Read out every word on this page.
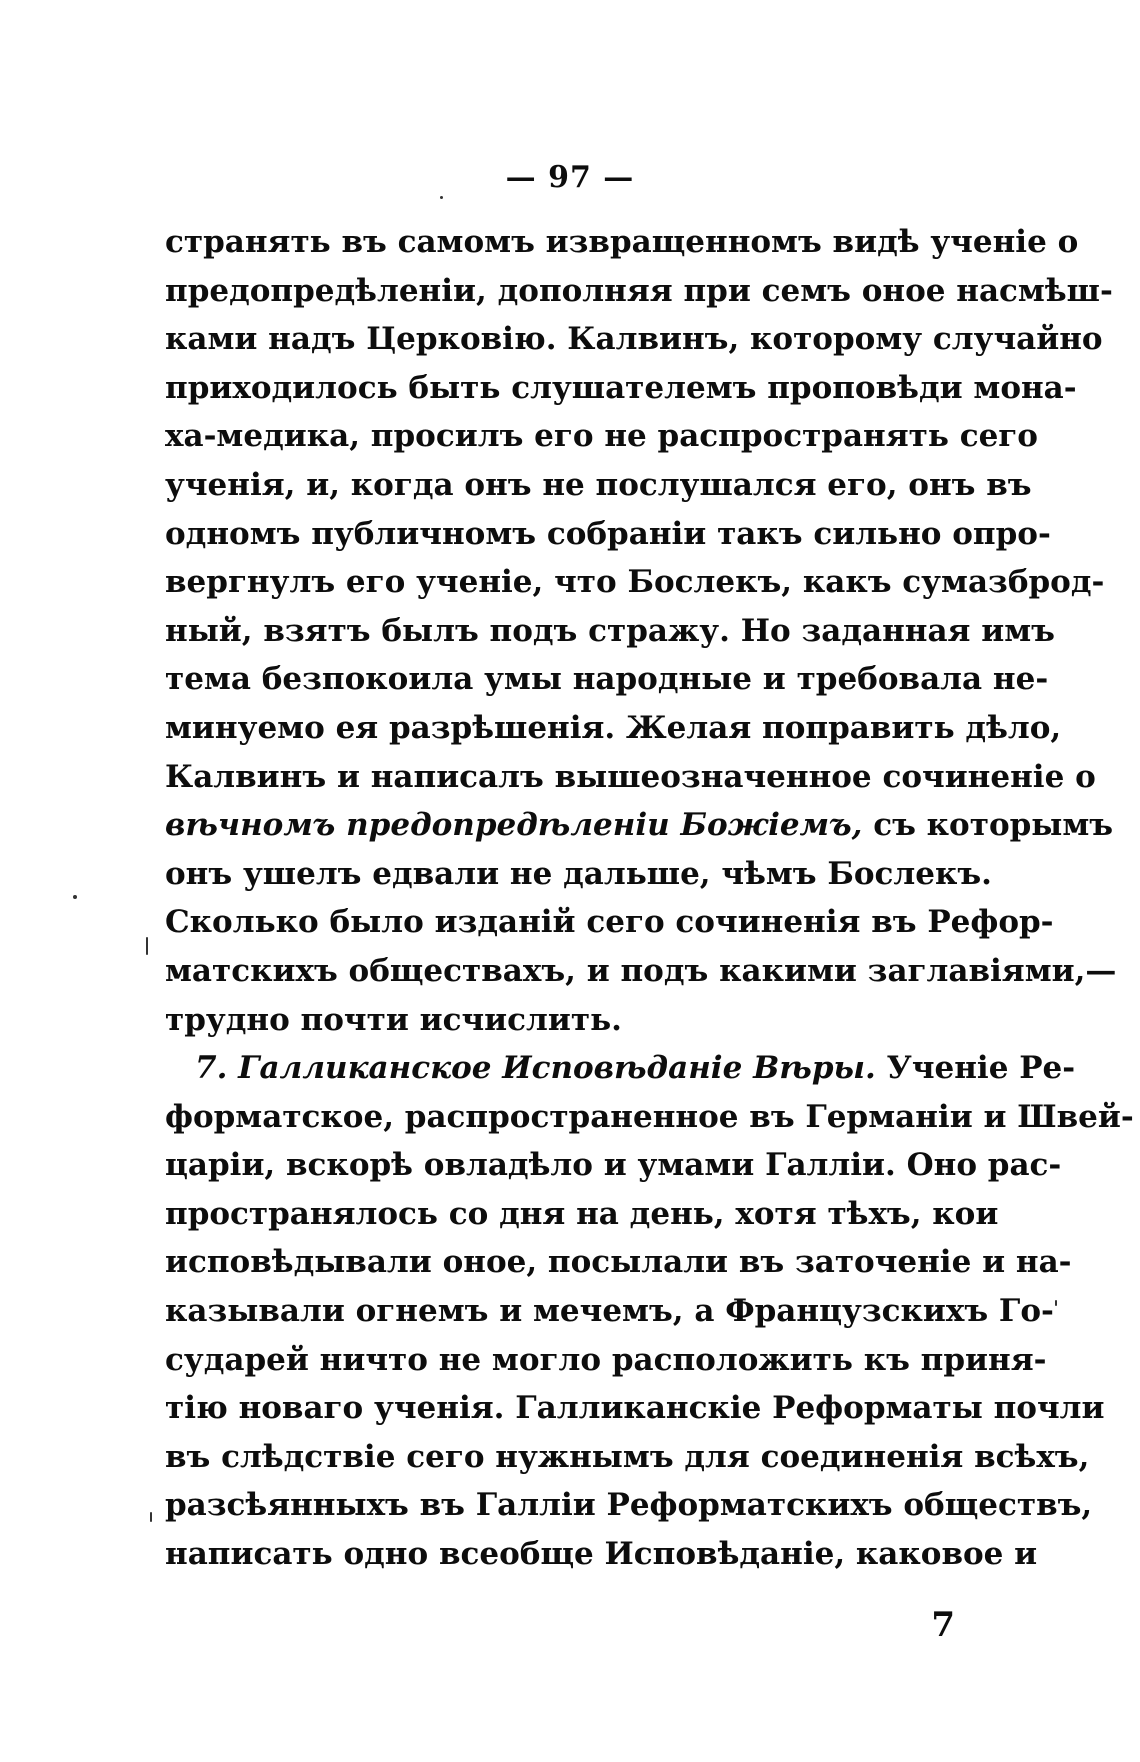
— 97 —
странять въ самомъ извращенномъ видѣ ученіе о
предопредѣленіи, дополняя при семъ оное насмѣш-
ками надъ Церковію. Калвинъ, которому случайно
приходилось быть слушателемъ проповѣди мона-
ха-медика, просилъ его не распространять сего
ученія, и, когда онъ не послушался его, онъ въ
одномъ публичномъ собраніи такъ сильно опро-
вергнулъ его ученіе, что Бослекъ, какъ сумазброд-
ный, взятъ былъ подъ стражу. Но заданная имъ
тема безпокоила умы народные и требовала не-
минуемо ея разрѣшенія. Желая поправить дѣло,
Калвинъ и написалъ вышеозначенное сочиненіе о
вѣчномъ предопредѣленіи Божіемъ, съ которымъ
онъ ушелъ едвали не дальше, чѣмъ Бослекъ.
Сколько было изданій сего сочиненія въ Рефор-
матскихъ обществахъ, и подъ какими заглавіями,—
трудно почти исчислить.
7. Галликанское Исповѣданіе Вѣры. Ученіе Ре-
форматское, распространенное въ Германіи и Швей-
царіи, вскорѣ овладѣло и умами Галліи. Оно рас-
пространялось со дня на день, хотя тѣхъ, кои
исповѣдывали оное, посылали въ заточеніе и на-
казывали огнемъ и мечемъ, а Французскихъ Го-
сударей ничто не могло расположить къ приня-
тію новаго ученія. Галликанскіе Реформаты почли
въ слѣдствіе сего нужнымъ для соединенія всѣхъ,
разсѣянныхъ въ Галліи Реформатскихъ обществъ,
написать одно всеобще Исповѣданіе, каковое и
7
